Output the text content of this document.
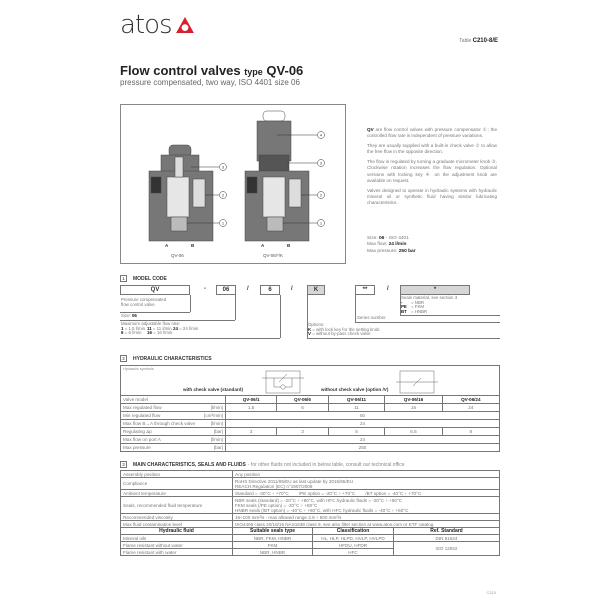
atos
Table C210-8/E
Flow control valves type QV-06
pressure compensated, two way, ISO 4401 size 06
3
2
1
4
3
2
1
A	B	A	B
QV-06	QV-06/*/K

QV are flow control valves with pressure compensator ①; the controlled flow rate is independent of pressure variations.

They are usually supplied with a built-in check valve ② to allow the free flow in the opposite direction.

The flow is regulated by turning a graduate micrometer knob ③. Clockwise rotation increases the flow regulation. Optional versions with locking key ④ on the adjustment knob are available on request.

Valves designed to operate in hydraulic systems with hydraulic mineral oil or synthetic fluid having similar lubricating characteristics.

Size: 06 - ISO 4401
Max flow: 24 l/min
Max pressure: 250 bar
1	MODEL CODE
QV	-	06	/	6	/	K	**	/	*
Pressure compensated
flow control valve
Size: 06
Maximum adjustable flow rate:
1 = 1,5 l/min 11 = 11 l/min 24 = 24 l/min
6 = 6 l/min	16 = 16 l/min
Options:
K = with lock key for the setting knob
V = without by-pass check valve
Series number
Seals material, see section 3
- = NBR
PE = FKM
BT = HNBR
2	HYDRAULIC CHARACTERISTICS
Hydraulic symbols
with check valve (standard)	without check valve (option /V)
Valve model	QV-06/1	QV-06/6	QV-06/11	QV-06/16	QV-06/24

Max regulated flow [l/min]	1,5	6	11	16	24

Min regulated flow [cm³/min]	50				

Max flow B→A through check valve [l/min]	24				

Regulating Δp [bar]	3	3	5	6,5	8

Max flow on port A [l/min]	24				

Max pressure [bar]	250				
3	MAIN CHARACTERISTICS, SEALS AND FLUIDS - for other fluids not included in below table, consult our technical office
Assembly position	Any position		

Compliance	RoHS Directive 2011/65/EU as last update by 2015/65/EU
REACH Regulation (EC) n°1907/2006		

Ambient temperature	Standard = -30°C ÷ +70°C        /PE option = -20°C ÷ +70°C        /BT option = -40°C ÷ +70°C		

Seals, recommended fluid temperature	NBR seals (standard) = -20°C ÷ +80°C, with HFC hydraulic fluids = -20°C ÷ +50°C
FKM seals (/PE option) = -20°C ÷ +80°C
HNBR seals (/BT option) = -40°C ÷ +60°C, with HFC hydraulic fluids = -40°C ÷ +50°C		

Recommended viscosity	15÷100 mm²/s - max allowed range 2.8 ÷ 500 mm²/s		

Max fluid contamination level	ISO4406 class 20/18/15 NAS1638 class 9, see also filter section at www.atos.com or KTF catalog		

Hydraulic fluid	Suitable seals type	Classification	Ref. Standard
Mineral oils	NBR, FKM, HNBR	HL, HLP, HLPD, HVLP, HVLPD	DIN 51524
Flame resistant without water	FKM	HFDU, HFDR	ISO 12922
Flame resistant with water	NBR, HNBR	HFC	
C210
